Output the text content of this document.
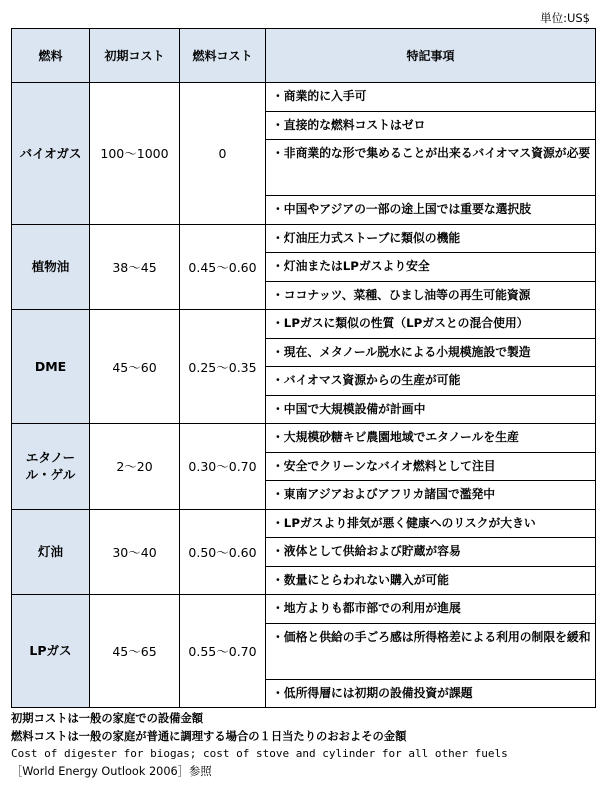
単位:US$
燃料	初期コスト	燃料コスト	特記事項
バイオガス	100〜1000	0	・商業的に入手可
・直接的な燃料コストはゼロ
・非商業的な形で集めることが出来るバイオマス資源が必要
・中国やアジアの一部の途上国では重要な選択肢

植物油	38〜45	0.45〜0.60	・灯油圧力式ストーブに類似の機能
・灯油またはLPガスより安全
・ココナッツ、菜種、ひまし油等の再生可能資源

DME	45〜60	0.25〜0.35	・LPガスに類似の性質（LPガスとの混合使用）
・現在、メタノール脱水による小規模施設で製造
・バイオマス資源からの生産が可能
・中国で大規模設備が計画中

エタノール・ゲル	2〜20	0.30〜0.70	・大規模砂糖キビ農園地域でエタノールを生産
・安全でクリーンなバイオ燃料として注目
・東南アジアおよびアフリカ諸国で濫発中

灯油	30〜40	0.50〜0.60	・LPガスより排気が悪く健康へのリスクが大きい
・液体として供給および貯蔵が容易
・数量にとらわれない購入が可能

LPガス	45〜65	0.55〜0.70	・地方よりも都市部での利用が進展
・価格と供給の手ごろ感は所得格差による利用の制限を緩和
・低所得層には初期の設備投資が課題
初期コストは一般の家庭での設備金額
燃料コストは一般の家庭が普通に調理する場合の１日当たりのおおよその金額
Cost of digester for biogas; cost of stove and cylinder for all other fuels
［World Energy Outlook 2006］参照
